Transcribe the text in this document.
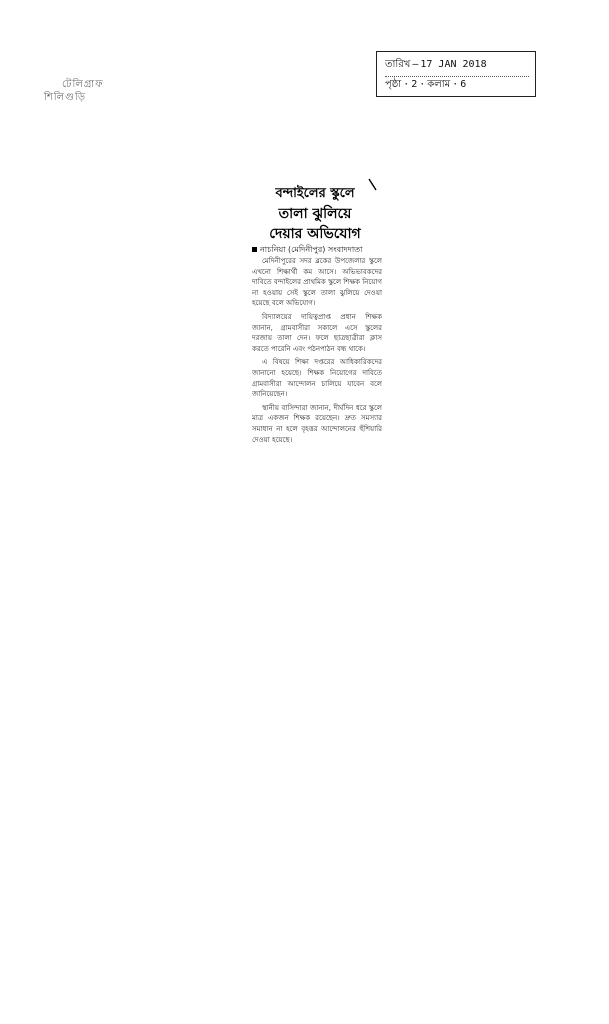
টেলিগ্রাফ
শিলিগুড়ি
তারিখ – 17 JAN 2018
পৃষ্ঠা · 2 · কলাম · 6
বন্দাইলের স্কুলে
তালা ঝুলিয়ে
দেয়ার অভিযোগ
নাচনিয়া (মেদিনীপুর) সংবাদদাতা

মেদিনীপুরের সদর ব্লকের উপজেলার স্কুলে এখনো শিক্ষার্থী কম আসে। অভিভাবকদের দাবিতে বন্দাইলের প্রাথমিক স্কুলে শিক্ষক নিয়োগ না হওয়ায় সেই স্কুলে তালা ঝুলিয়ে দেওয়া হয়েছে বলে অভিযোগ।

বিদ্যালয়ের দায়িত্বপ্রাপ্ত প্রধান শিক্ষক জানান, গ্রামবাসীরা সকালে এসে স্কুলের দরজায় তালা দেন। ফলে ছাত্রছাত্রীরা ক্লাস করতে পারেনি এবং পঠনপাঠন বন্ধ থাকে।

এ বিষয়ে শিক্ষা দপ্তরের আধিকারিকদের জানানো হয়েছে। শিক্ষক নিয়োগের দাবিতে গ্রামবাসীরা আন্দোলন চালিয়ে যাবেন বলে জানিয়েছেন।

স্থানীয় বাসিন্দারা জানান, দীর্ঘদিন ধরে স্কুলে মাত্র একজন শিক্ষক রয়েছেন। দ্রুত সমস্যার সমাধান না হলে বৃহত্তর আন্দোলনের হুঁশিয়ারি দেওয়া হয়েছে।
